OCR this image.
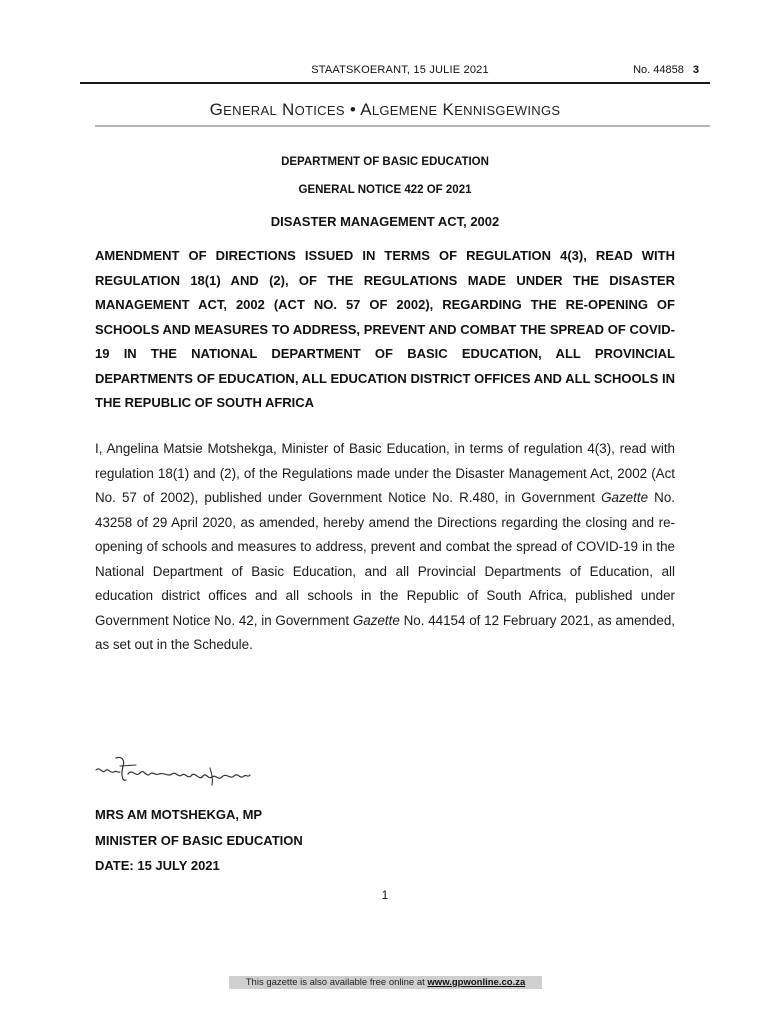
STAATSKOERANT, 15 JULIE 2021	No. 44858 3
GENERAL NOTICES • ALGEMENE KENNISGEWINGS
DEPARTMENT OF BASIC EDUCATION
GENERAL NOTICE 422 OF 2021
DISASTER MANAGEMENT ACT, 2002
AMENDMENT OF DIRECTIONS ISSUED IN TERMS OF REGULATION 4(3), READ WITH REGULATION 18(1) AND (2), OF THE REGULATIONS MADE UNDER THE DISASTER MANAGEMENT ACT, 2002 (ACT NO. 57 OF 2002), REGARDING THE RE-OPENING OF SCHOOLS AND MEASURES TO ADDRESS, PREVENT AND COMBAT THE SPREAD OF COVID-19 IN THE NATIONAL DEPARTMENT OF BASIC EDUCATION, ALL PROVINCIAL DEPARTMENTS OF EDUCATION, ALL EDUCATION DISTRICT OFFICES AND ALL SCHOOLS IN THE REPUBLIC OF SOUTH AFRICA
I, Angelina Matsie Motshekga, Minister of Basic Education, in terms of regulation 4(3), read with regulation 18(1) and (2), of the Regulations made under the Disaster Management Act, 2002 (Act No. 57 of 2002), published under Government Notice No. R.480, in Government Gazette No. 43258 of 29 April 2020, as amended, hereby amend the Directions regarding the closing and re-opening of schools and measures to address, prevent and combat the spread of COVID-19 in the National Department of Basic Education, and all Provincial Departments of Education, all education district offices and all schools in the Republic of South Africa, published under Government Notice No. 42, in Government Gazette No. 44154 of 12 February 2021, as amended, as set out in the Schedule.
MRS AM MOTSHEKGA, MP
MINISTER OF BASIC EDUCATION
DATE: 15 JULY 2021
1
This gazette is also available free online at www.gpwonline.co.za
